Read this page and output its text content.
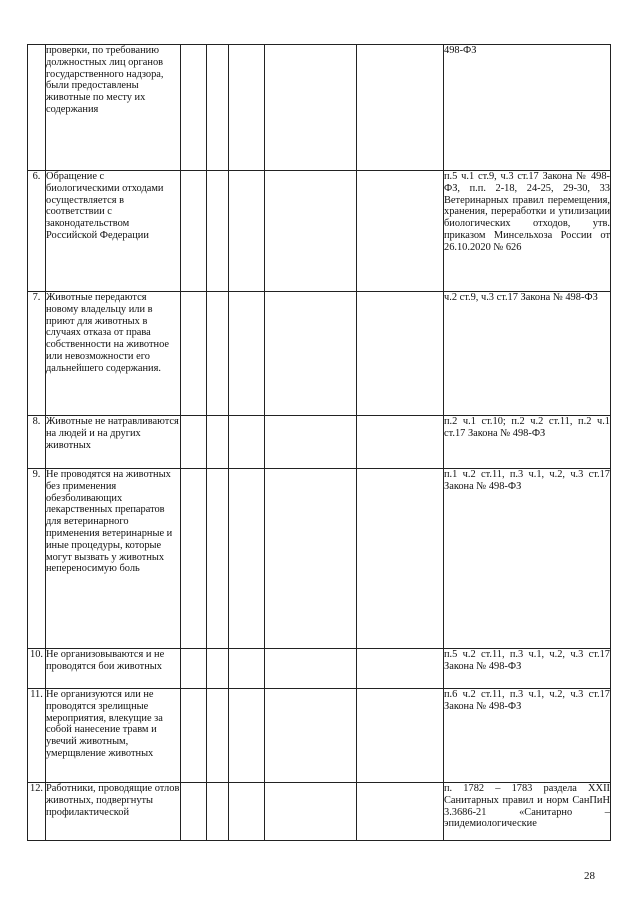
	проверки, по требованию должностных лиц органов государственного надзора, были предоставлены животные по месту их содержания						498-ФЗ
6.	Обращение с биологическими отходами осуществляется в соответствии с законодательством Российской Федерации						п.5 ч.1 ст.9, ч.3 ст.17 Закона № 498-ФЗ, п.п. 2-18, 24-25, 29-30, 33 Ветеринарных правил перемещения, хранения, переработки и утилизации биологических отходов, утв. приказом Минсельхоза России от 26.10.2020 № 626
7.	Животные передаются новому владельцу или в приют для животных в случаях отказа от права собственности на животное или невозможности его дальнейшего содержания.						ч.2 ст.9, ч.3 ст.17 Закона № 498-ФЗ
8.	Животные не натравливаются на людей и на других животных						п.2 ч.1 ст.10; п.2 ч.2 ст.11, п.2 ч.1 ст.17 Закона № 498-ФЗ
9.	Не проводятся на животных без применения обезболивающих лекарственных препаратов для ветеринарного применения ветеринарные и иные процедуры, которые могут вызвать у животных непереносимую боль						п.1 ч.2 ст.11, п.3 ч.1, ч.2, ч.3 ст.17 Закона № 498-ФЗ
10.	Не организовываются и не проводятся бои животных						п.5 ч.2 ст.11, п.3 ч.1, ч.2, ч.3 ст.17 Закона № 498-ФЗ
11.	Не организуются или не проводятся зрелищные мероприятия, влекущие за собой нанесение травм и увечий животным, умерщвление животных						п.6 ч.2 ст.11, п.3 ч.1, ч.2, ч.3 ст.17 Закона № 498-ФЗ
12.	Работники, проводящие отлов животных, подвергнуты профилактической						п. 1782 – 1783 раздела XXII Санитарных правил и норм СанПиН 3.3686-21 «Санитарно – эпидемиологические
28
